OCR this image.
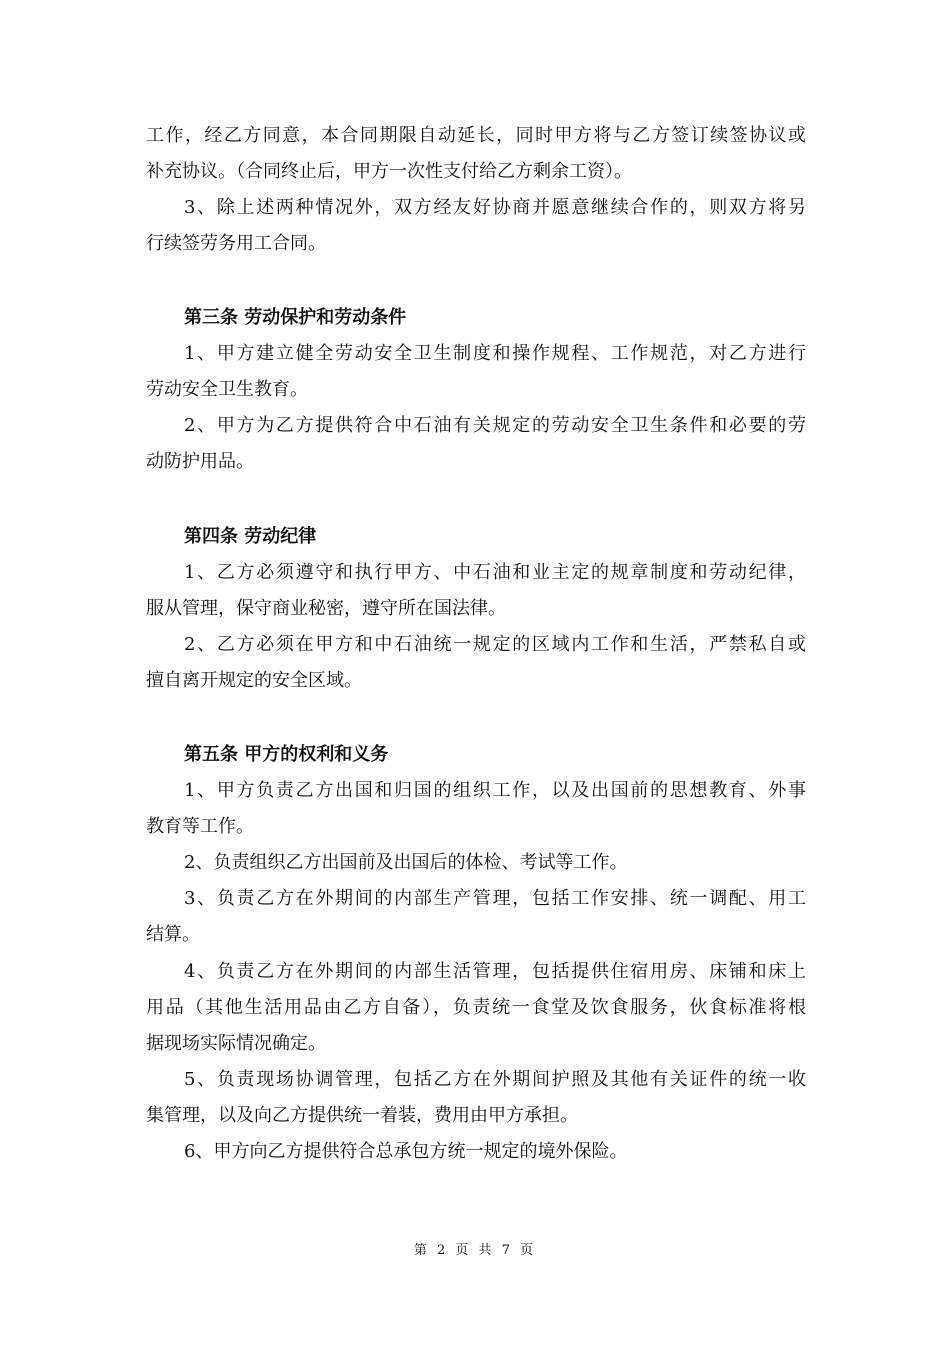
工作，经乙方同意，本合同期限自动延长，同时甲方将与乙方签订续签协议或

补充协议。（合同终止后，甲方一次性支付给乙方剩余工资）。

3、除上述两种情况外，双方经友好协商并愿意继续合作的，则双方将另

行续签劳务用工合同。

第三条 劳动保护和劳动条件

1、甲方建立健全劳动安全卫生制度和操作规程、工作规范，对乙方进行

劳动安全卫生教育。

2、甲方为乙方提供符合中石油有关规定的劳动安全卫生条件和必要的劳

动防护用品。

第四条 劳动纪律

1、乙方必须遵守和执行甲方、中石油和业主定的规章制度和劳动纪律，

服从管理，保守商业秘密，遵守所在国法律。

2、乙方必须在甲方和中石油统一规定的区域内工作和生活，严禁私自或

擅自离开规定的安全区域。

第五条 甲方的权利和义务

1、甲方负责乙方出国和归国的组织工作，以及出国前的思想教育、外事

教育等工作。

2、负责组织乙方出国前及出国后的体检、考试等工作。

3、负责乙方在外期间的内部生产管理，包括工作安排、统一调配、用工

结算。

4、负责乙方在外期间的内部生活管理，包括提供住宿用房、床铺和床上

用品（其他生活用品由乙方自备），负责统一食堂及饮食服务，伙食标准将根

据现场实际情况确定。

5、负责现场协调管理，包括乙方在外期间护照及其他有关证件的统一收

集管理，以及向乙方提供统一着装，费用由甲方承担。

6、甲方向乙方提供符合总承包方统一规定的境外保险。

第 2 页 共 7 页
